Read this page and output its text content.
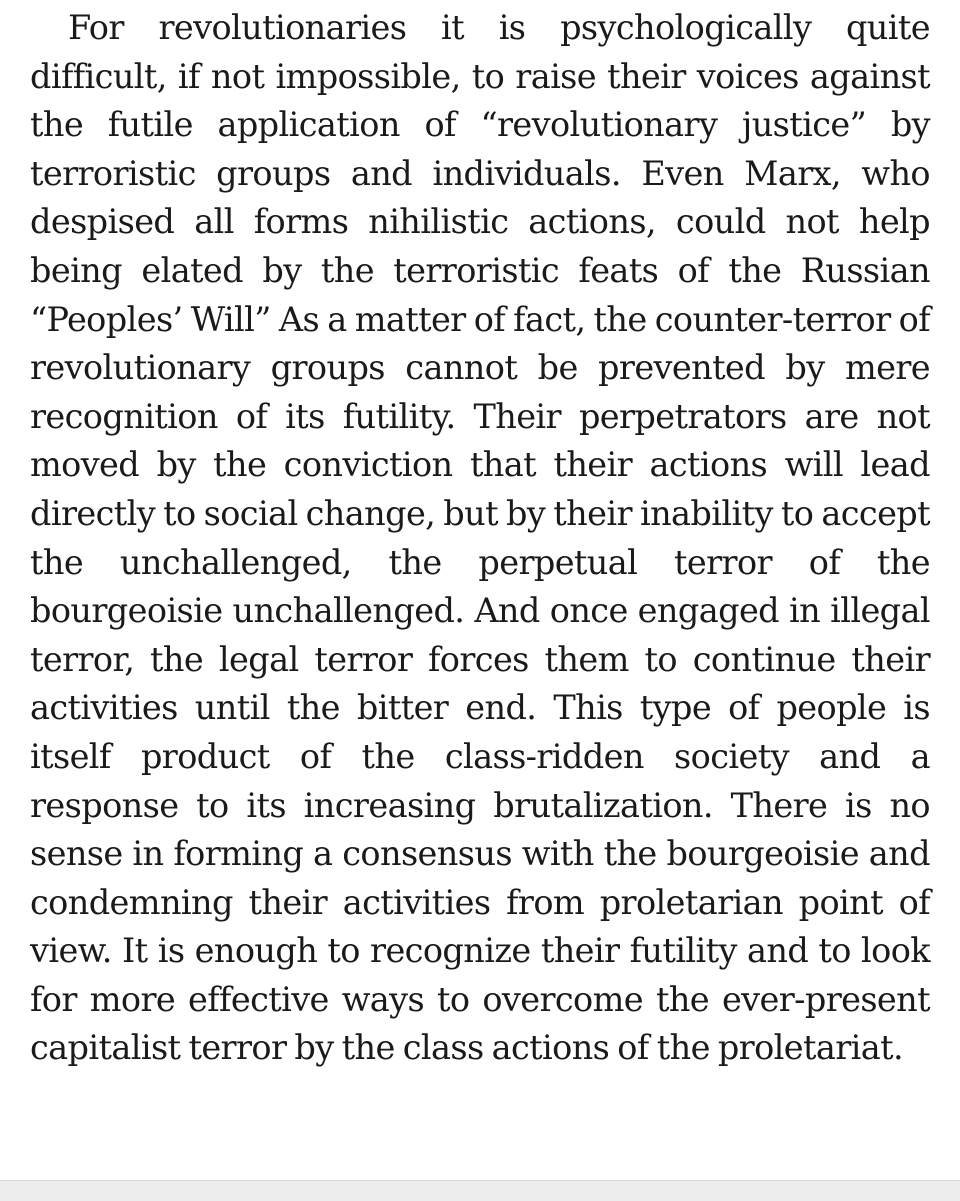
For revolutionaries it is psychologically quite difficult, if not impossible, to raise their voices against the futile application of “revolutionary justice” by terroristic groups and individuals. Even Marx, who despised all forms nihilistic actions, could not help being elated by the terroristic feats of the Russian “Peoples’ Will” As a matter of fact, the counter-terror of revolutionary groups cannot be prevented by mere recognition of its futility. Their perpetrators are not moved by the conviction that their actions will lead directly to social change, but by their inability to accept the unchallenged, the perpetual terror of the bourgeoisie unchallenged. And once engaged in illegal terror, the legal terror forces them to continue their activities until the bitter end. This type of people is itself product of the class-ridden society and a response to its increasing brutalization. There is no sense in forming a consensus with the bourgeoisie and condemning their activities from proletarian point of view. It is enough to recognize their futility and to look for more effective ways to overcome the ever-present capitalist terror by the class actions of the proletariat.
